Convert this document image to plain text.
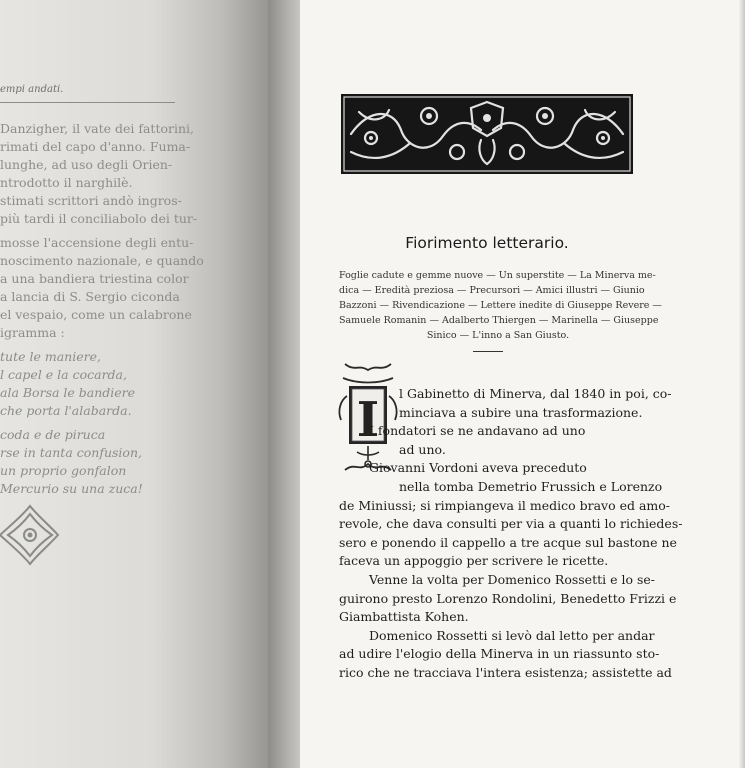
empi andati.
Danzigher, il vate dei fattorini,
rimati del capo d'anno. Fuma-
lunghe, ad uso degli Orien-
ntrodotto il narghilè.
stimati scrittori andò ingros-
più tardi il conciliabolo dei tur-
mosse l'accensione degli entu-
noscimento nazionale, e quando
a una bandiera triestina color
a lancia di S. Sergio ciconda
el vespaio, come un calabrone
igramma :
tute le maniere,
l capel e la cocarda,
ala Borsa le bandiere
che porta l'alabarda.
coda e de piruca
rse in tanta confusion,
un proprio gonfalon
Mercurio su una zuca!
Fiorimento letterario.
Foglie cadute e gemme nuove — Un superstite — La Minerva me-
dica — Eredità preziosa — Precursori — Amici illustri — Giunio
Bazzoni — Rivendicazione — Lettere inedite di Giuseppe Revere —
Samuele Romanin — Adalberto Thiergen — Marinella — Giuseppe
Sinico — L'inno a San Giusto.
I	l Gabinetto di Minerva, dal 1840 in poi, co-
minciava a subire una trasformazione.
I fondatori se ne andavano ad uno
ad uno.
Giovanni Vordoni aveva preceduto
nella tomba Demetrio Frussich e Lorenzo
de Miniussi; si rimpiangeva il medico bravo ed amo-
revole, che dava consulti per via a quanti lo richiedes-
sero e ponendo il cappello a tre acque sul bastone ne
faceva un appoggio per scrivere le ricette.
Venne la volta per Domenico Rossetti e lo se-
guirono presto Lorenzo Rondolini, Benedetto Frizzi e
Giambattista Kohen.
Domenico Rossetti si levò dal letto per andar
ad udire l'elogio della Minerva in un riassunto sto-
rico che ne tracciava l'intera esistenza; assistette ad
